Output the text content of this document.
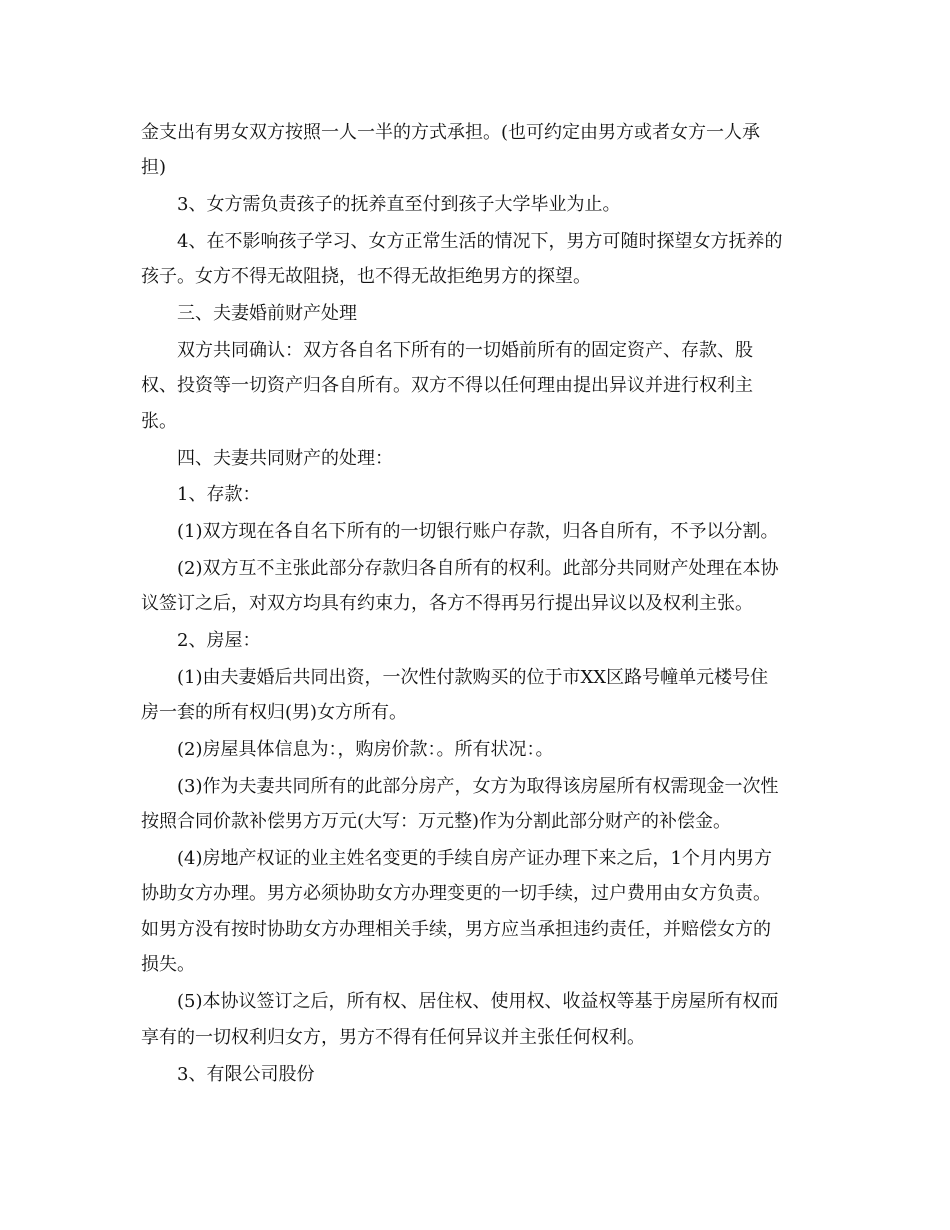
金支出有男女双方按照一人一半的方式承担。(也可约定由男方或者女方一人承
担)
3、女方需负责孩子的抚养直至付到孩子大学毕业为止。
4、在不影响孩子学习、女方正常生活的情况下，男方可随时探望女方抚养的
孩子。女方不得无故阻挠，也不得无故拒绝男方的探望。
三、夫妻婚前财产处理
双方共同确认：双方各自名下所有的一切婚前所有的固定资产、存款、股
权、投资等一切资产归各自所有。双方不得以任何理由提出异议并进行权利主
张。
四、夫妻共同财产的处理：
1、存款：
(1)双方现在各自名下所有的一切银行账户存款，归各自所有，不予以分割。
(2)双方互不主张此部分存款归各自所有的权利。此部分共同财产处理在本协
议签订之后，对双方均具有约束力，各方不得再另行提出异议以及权利主张。
2、房屋：
(1)由夫妻婚后共同出资，一次性付款购买的位于市XX区路号幢单元楼号住
房一套的所有权归(男)女方所有。
(2)房屋具体信息为：，购房价款：。所有状况：。
(3)作为夫妻共同所有的此部分房产，女方为取得该房屋所有权需现金一次性
按照合同价款补偿男方万元(大写：万元整)作为分割此部分财产的补偿金。
(4)房地产权证的业主姓名变更的手续自房产证办理下来之后，1个月内男方
协助女方办理。男方必须协助女方办理变更的一切手续，过户费用由女方负责。
如男方没有按时协助女方办理相关手续，男方应当承担违约责任，并赔偿女方的
损失。
(5)本协议签订之后，所有权、居住权、使用权、收益权等基于房屋所有权而
享有的一切权利归女方，男方不得有任何异议并主张任何权利。
3、有限公司股份
